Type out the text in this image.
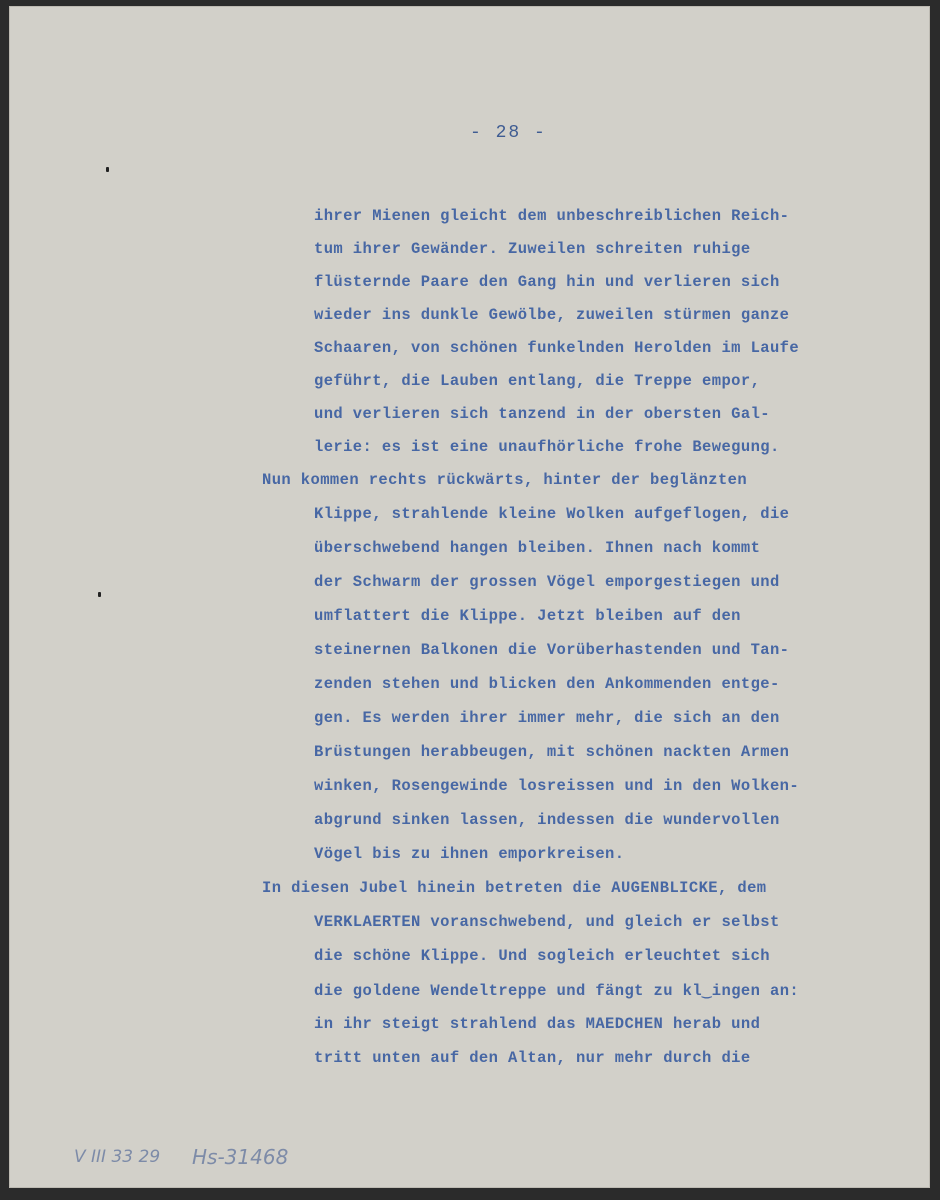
- 28 -
ihrer Mienen gleicht dem unbeschreiblichen Reich-
tum ihrer Gewänder. Zuweilen schreiten ruhige
flüsternde Paare den Gang hin und verlieren sich
wieder ins dunkle Gewölbe, zuweilen stürmen ganze
Schaaren, von schönen funkelnden Herolden im Laufe
geführt, die Lauben entlang, die Treppe empor,
und verlieren sich tanzend in der obersten Gal-
lerie: es ist eine unaufhörliche frohe Bewegung.
Nun kommen rechts rückwärts, hinter der beglänzten
Klippe, strahlende kleine Wolken aufgeflogen, die
überschwebend hangen bleiben. Ihnen nach kommt
der Schwarm der grossen Vögel emporgestiegen und
umflattert die Klippe. Jetzt bleiben auf den
steinernen Balkonen die Vorüberhastenden und Tan-
zenden stehen und blicken den Ankommenden entge-
gen. Es werden ihrer immer mehr, die sich an den
Brüstungen herabbeugen, mit schönen nackten Armen
winken, Rosengewinde losreissen und in den Wolken-
abgrund sinken lassen, indessen die wundervollen
Vögel bis zu ihnen emporkreisen.
In diesen Jubel hinein betreten die AUGENBLICKE, dem
VERKLAERTEN voranschwebend, und gleich er selbst
die schöne Klippe. Und sogleich erleuchtet sich
die goldene Wendeltreppe und fängt zu kl‿ingen an:
in ihr steigt strahlend das MAEDCHEN herab und
tritt unten auf den Altan, nur mehr durch die
V III 33 29 Hs-31468
